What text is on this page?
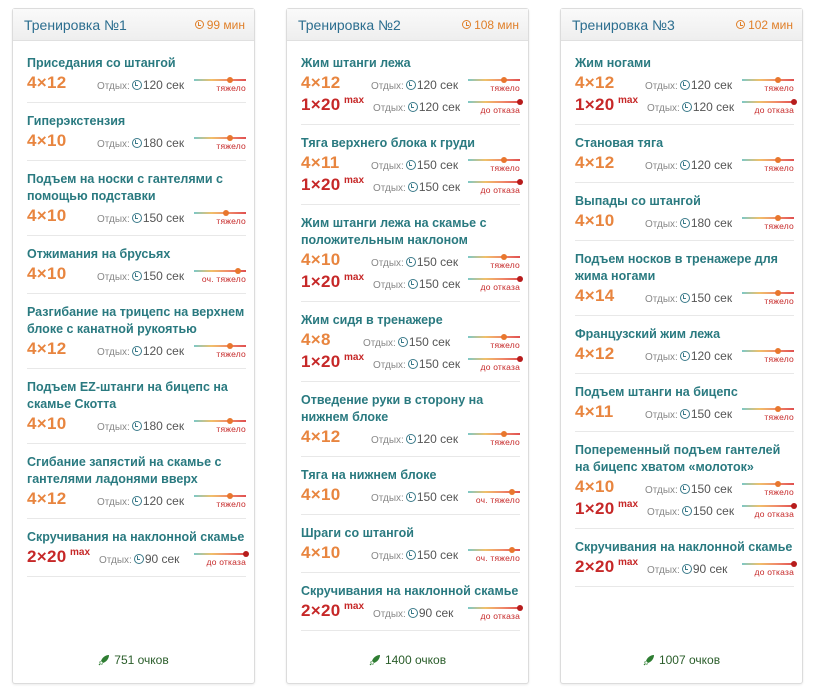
Тренировка №1	99 мин
Приседания со штангой
4×12	Отдых: 120 сек	тяжело
Гиперэкстензия
4×10	Отдых: 180 сек	тяжело
Подъем на носки с гантелями с помощью подставки
4×10	Отдых: 150 сек	тяжело
Отжимания на брусьях
4×10	Отдых: 150 сек оч. тяжело
Разгибание на трицепс на верхнем блоке с канатной рукоятью
4×12	Отдых: 120 сек	тяжело
Подъем EZ-штанги на бицепс на скамье Скотта
4×10	Отдых: 180 сек	тяжело
Сгибание запястий на скамье с гантелями ладонями вверх
4×12	Отдых: 120 сек	тяжело
Скручивания на наклонной скамье
2×20 max
Отдых: 90 сек	до отказа
751 очков
Тренировка №2	108 мин
Жим штанги лежа
4×12	Отдых: 120 сек	тяжело
1×20 max
Отдых: 120 сек до отказа
Тяга верхнего блока к груди
4×11	Отдых: 150 сек	тяжело
1×20 max
Отдых: 150 сек до отказа
Жим штанги лежа на скамье с положительным наклоном
4×10	Отдых: 150 сек	тяжело
1×20 max
Отдых: 150 сек до отказа
Жим сидя в тренажере
4×8	Отдых: 150 сек	тяжело
1×20 max
Отдых: 150 сек до отказа
Отведение руки в сторону на нижнем блоке
4×12	Отдых: 120 сек	тяжело
Тяга на нижнем блоке
4×10	Отдых: 150 сек оч. тяжело
Шраги со штангой
4×10	Отдых: 150 сек оч. тяжело
Скручивания на наклонной скамье
2×20 max
Отдых: 90 сек	до отказа
1400 очков
Тренировка №3	102 мин
Жим ногами
4×12	Отдых: 120 сек	тяжело
1×20 max
Отдых: 120 сек до отказа
Становая тяга
4×12	Отдых: 120 сек	тяжело
Выпады со штангой
4×10	Отдых: 180 сек	тяжело
Подъем носков в тренажере для жима ногами
4×14	Отдых: 150 сек	тяжело
Французский жим лежа
4×12	Отдых: 120 сек	тяжело
Подъем штанги на бицепс
4×11	Отдых: 150 сек	тяжело
Попеременный подъем гантелей на бицепс хватом «молоток»
4×10	Отдых: 150 сек	тяжело
1×20 max
Отдых: 150 сек до отказа
Скручивания на наклонной скамье
2×20 max
Отдых: 90 сек	до отказа
1007 очков
